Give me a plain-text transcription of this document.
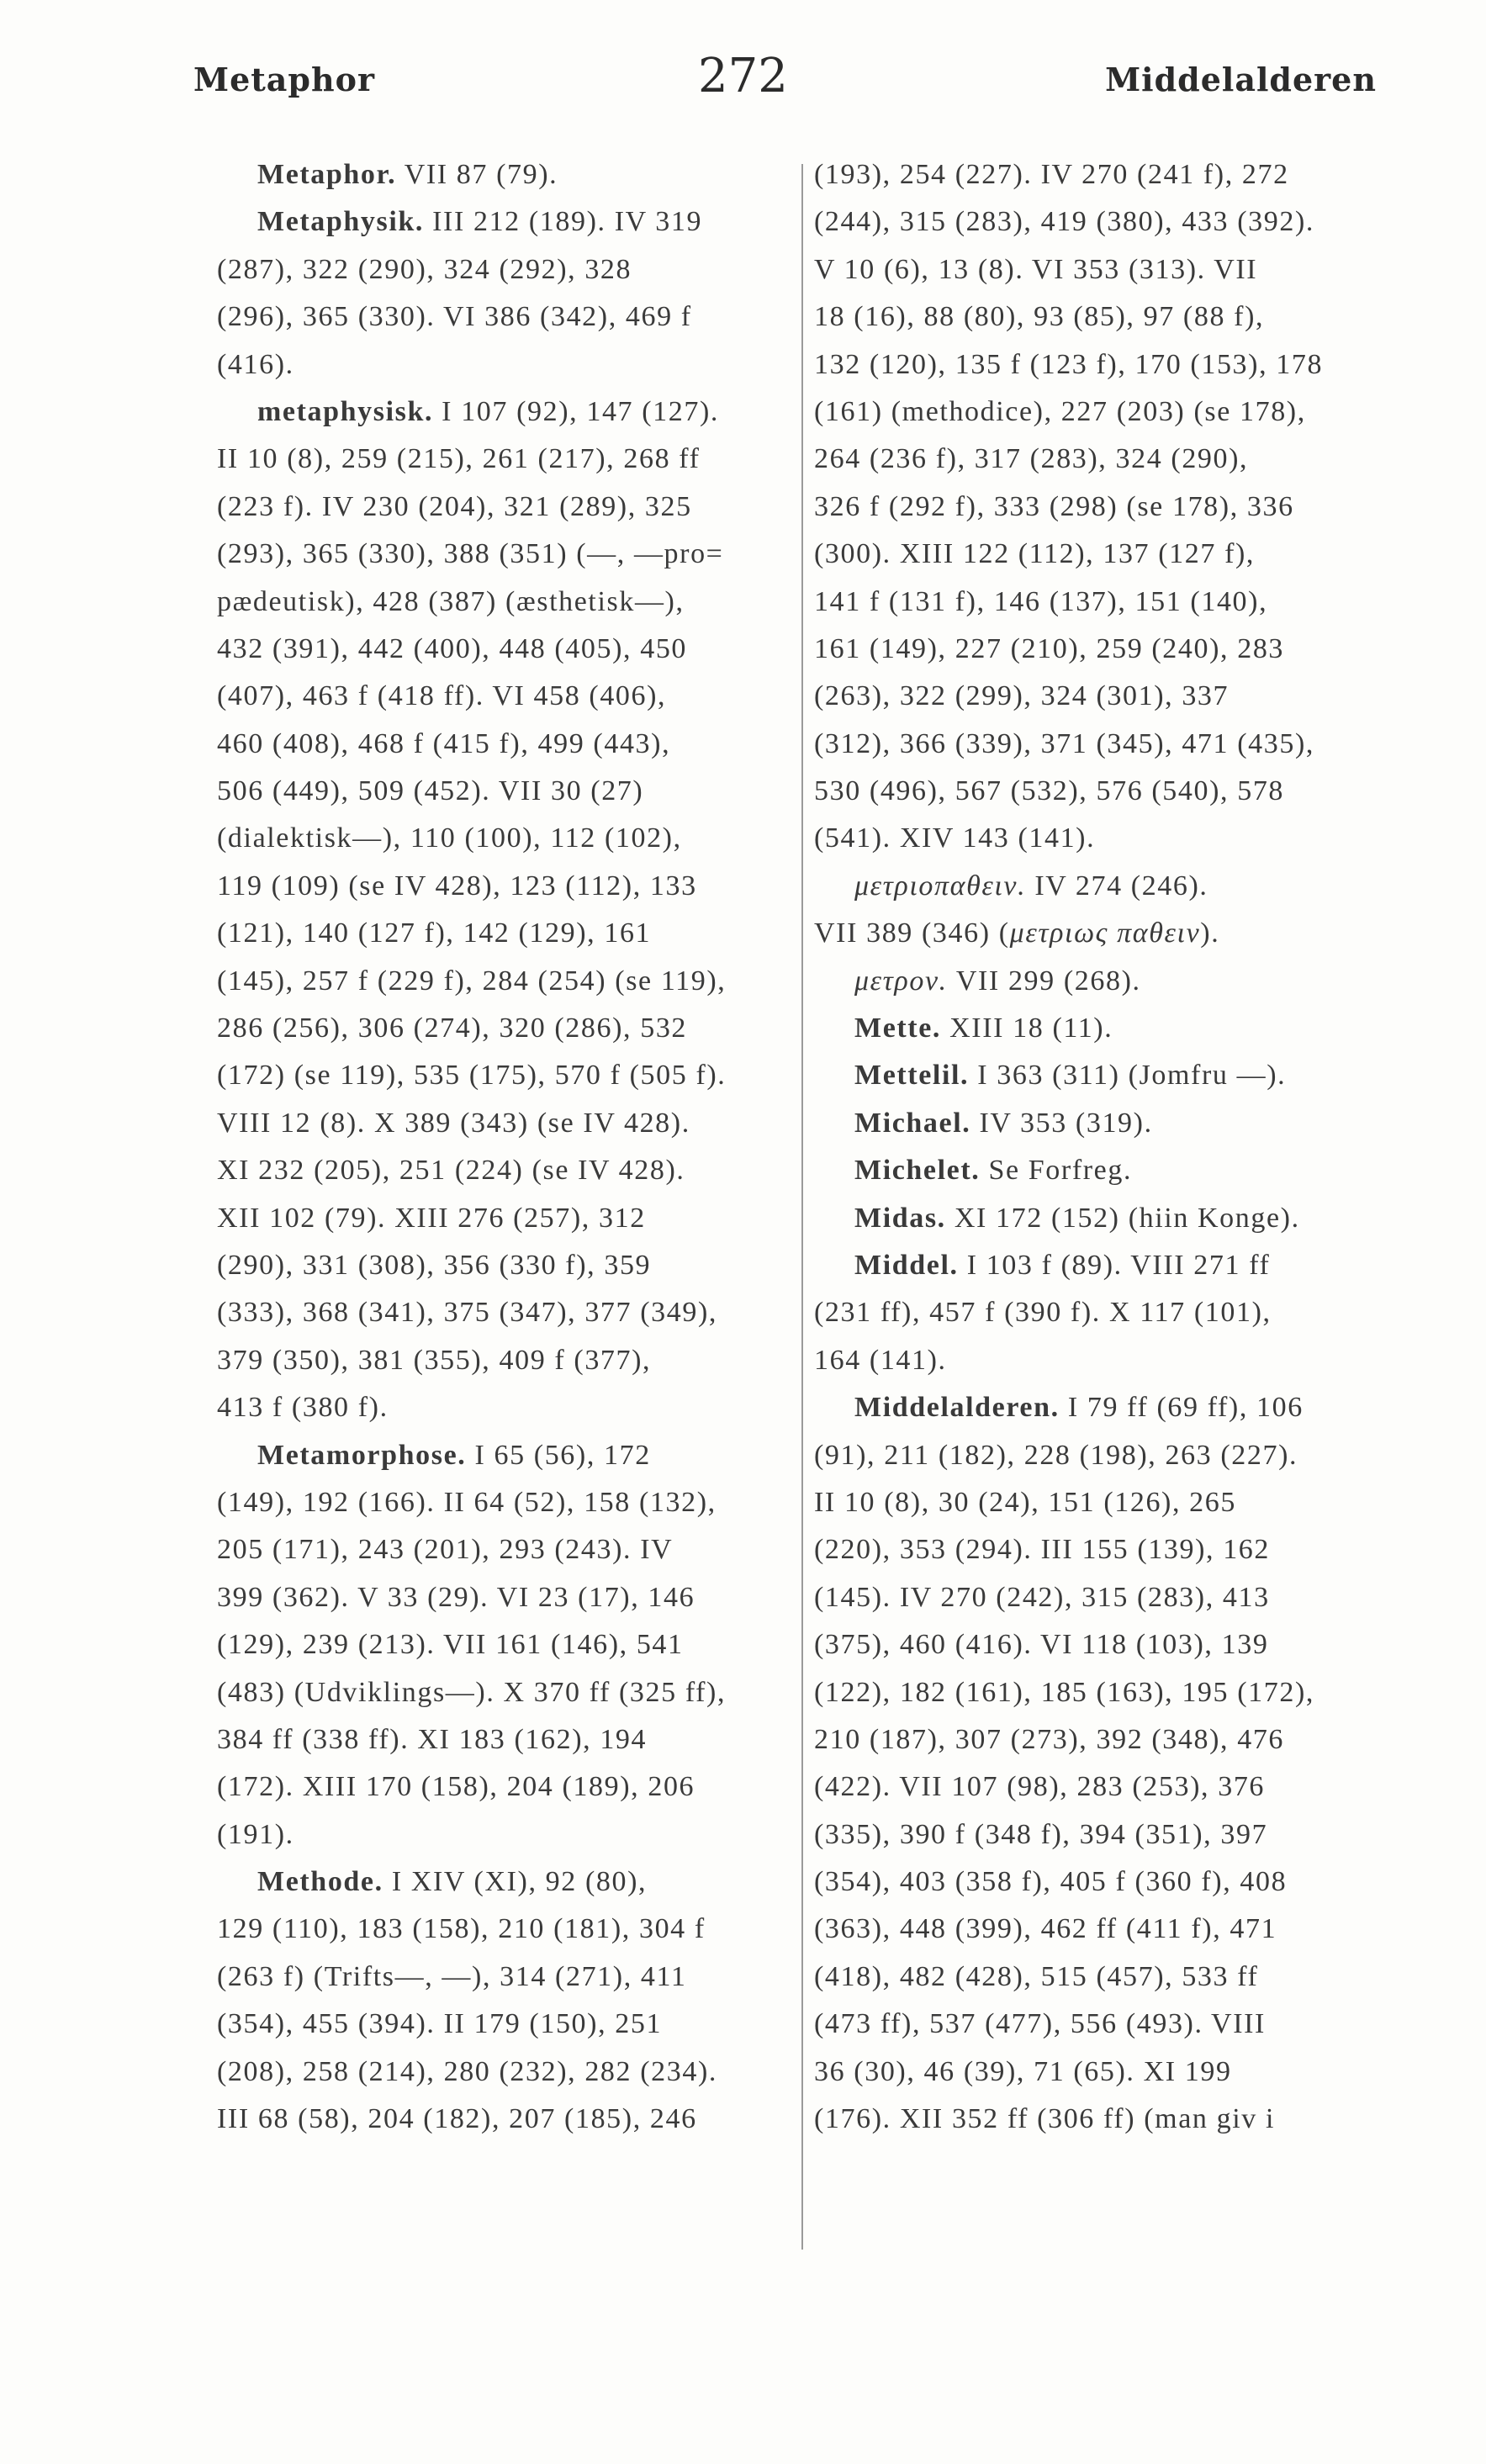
Metaphor	272	Middelalderen
Metaphor. VII 87 (79).
Metaphysik. III 212 (189). IV 319
(287), 322 (290), 324 (292), 328
(296), 365 (330). VI 386 (342), 469 f
(416).
metaphysisk. I 107 (92), 147 (127).
II 10 (8), 259 (215), 261 (217), 268 ff
(223 f). IV 230 (204), 321 (289), 325
(293), 365 (330), 388 (351) (—, —pro=
pædeutisk), 428 (387) (æsthetisk—),
432 (391), 442 (400), 448 (405), 450
(407), 463 f (418 ff). VI 458 (406),
460 (408), 468 f (415 f), 499 (443),
506 (449), 509 (452). VII 30 (27)
(dialektisk—), 110 (100), 112 (102),
119 (109) (se IV 428), 123 (112), 133
(121), 140 (127 f), 142 (129), 161
(145), 257 f (229 f), 284 (254) (se 119),
286 (256), 306 (274), 320 (286), 532
(172) (se 119), 535 (175), 570 f (505 f).
VIII 12 (8). X 389 (343) (se IV 428).
XI 232 (205), 251 (224) (se IV 428).
XII 102 (79). XIII 276 (257), 312
(290), 331 (308), 356 (330 f), 359
(333), 368 (341), 375 (347), 377 (349),
379 (350), 381 (355), 409 f (377),
413 f (380 f).
Metamorphose. I 65 (56), 172
(149), 192 (166). II 64 (52), 158 (132),
205 (171), 243 (201), 293 (243). IV
399 (362). V 33 (29). VI 23 (17), 146
(129), 239 (213). VII 161 (146), 541
(483) (Udviklings—). X 370 ff (325 ff),
384 ff (338 ff). XI 183 (162), 194
(172). XIII 170 (158), 204 (189), 206
(191).
Methode. I XIV (XI), 92 (80),
129 (110), 183 (158), 210 (181), 304 f
(263 f) (Trifts—, —), 314 (271), 411
(354), 455 (394). II 179 (150), 251
(208), 258 (214), 280 (232), 282 (234).
III 68 (58), 204 (182), 207 (185), 246
(193), 254 (227). IV 270 (241 f), 272
(244), 315 (283), 419 (380), 433 (392).
V 10 (6), 13 (8). VI 353 (313). VII
18 (16), 88 (80), 93 (85), 97 (88 f),
132 (120), 135 f (123 f), 170 (153), 178
(161) (methodice), 227 (203) (se 178),
264 (236 f), 317 (283), 324 (290),
326 f (292 f), 333 (298) (se 178), 336
(300). XIII 122 (112), 137 (127 f),
141 f (131 f), 146 (137), 151 (140),
161 (149), 227 (210), 259 (240), 283
(263), 322 (299), 324 (301), 337
(312), 366 (339), 371 (345), 471 (435),
530 (496), 567 (532), 576 (540), 578
(541). XIV 143 (141).
μετριοπαθειν. IV 274 (246).
VII 389 (346) (μετριως παθειν).
μετρον. VII 299 (268).
Mette. XIII 18 (11).
Mettelil. I 363 (311) (Jomfru —).
Michael. IV 353 (319).
Michelet. Se Forfreg.
Midas. XI 172 (152) (hiin Konge).
Middel. I 103 f (89). VIII 271 ff
(231 ff), 457 f (390 f). X 117 (101),
164 (141).
Middelalderen. I 79 ff (69 ff), 106
(91), 211 (182), 228 (198), 263 (227).
II 10 (8), 30 (24), 151 (126), 265
(220), 353 (294). III 155 (139), 162
(145). IV 270 (242), 315 (283), 413
(375), 460 (416). VI 118 (103), 139
(122), 182 (161), 185 (163), 195 (172),
210 (187), 307 (273), 392 (348), 476
(422). VII 107 (98), 283 (253), 376
(335), 390 f (348 f), 394 (351), 397
(354), 403 (358 f), 405 f (360 f), 408
(363), 448 (399), 462 ff (411 f), 471
(418), 482 (428), 515 (457), 533 ff
(473 ff), 537 (477), 556 (493). VIII
36 (30), 46 (39), 71 (65). XI 199
(176). XII 352 ff (306 ff) (man giv i
